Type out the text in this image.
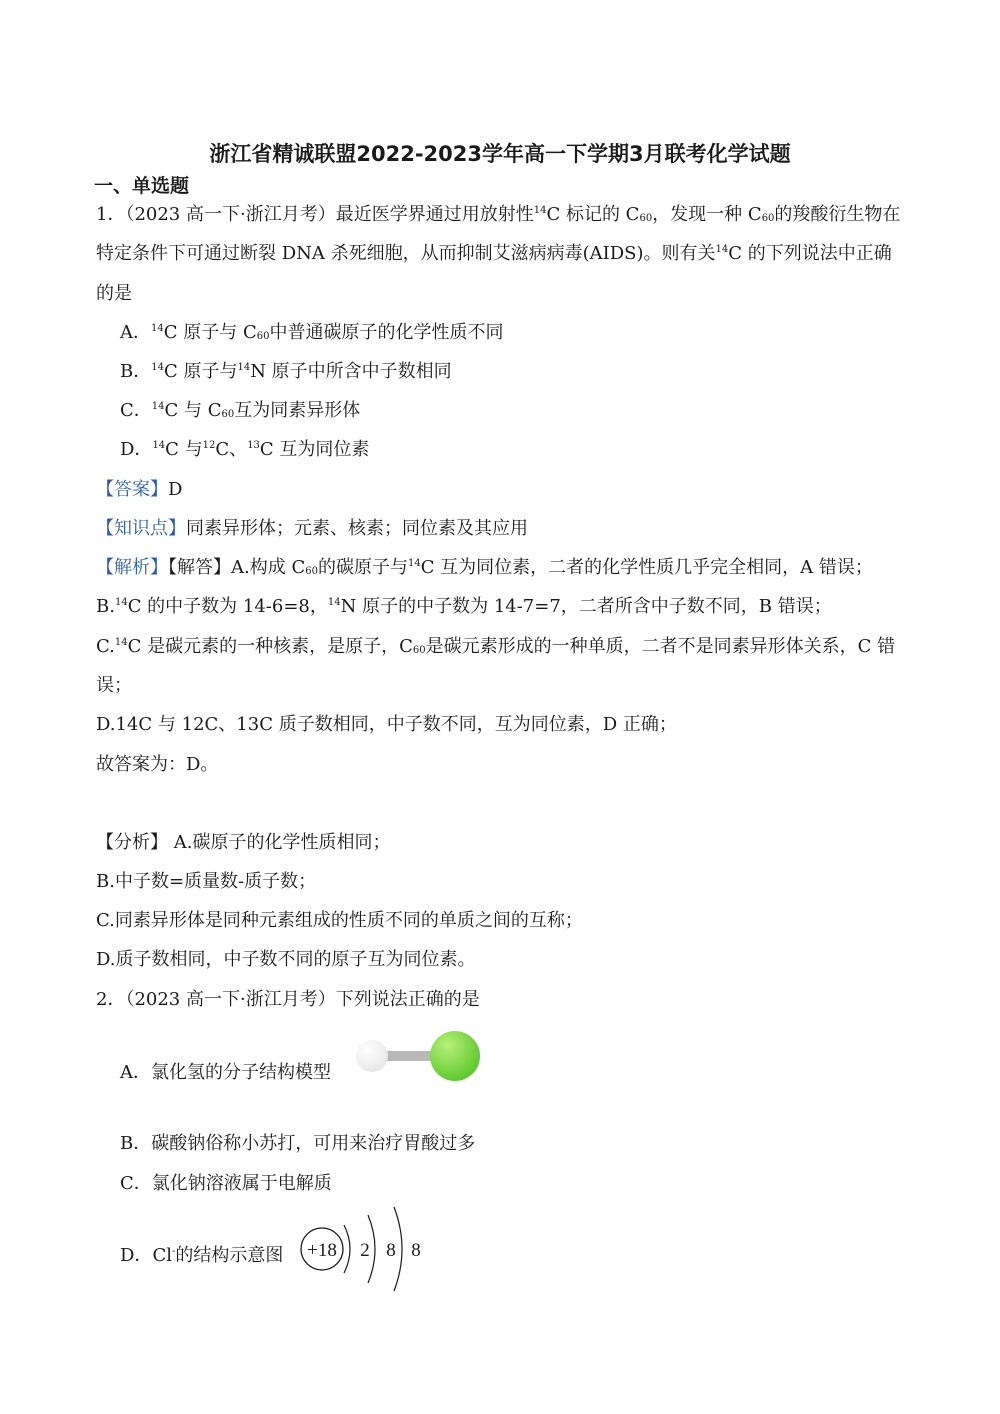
浙江省精诚联盟2022-2023学年高一下学期3月联考化学试题
一、单选题
1．（2023 高一下·浙江月考）最近医学界通过用放射性$^{14}$C 标记的 $C_{60}$，发现一种 $C_{60}$的羧酸衍生物在
特定条件下可通过断裂 DNA 杀死细胞，从而抑制艾滋病病毒(AIDS)。则有关$^{14}$C 的下列说法中正确
的是
A．$^{14}$C 原子与 $C_{60}$中普通碳原子的化学性质不同
B．$^{14}$C 原子与$^{14}$N 原子中所含中子数相同
C．$^{14}$C 与 $C_{60}$互为同素异形体
D．$^{14}$C 与$^{12}$C、$^{13}$C 互为同位素
【答案】D
【知识点】同素异形体；元素、核素；同位素及其应用
【解析】【解答】A.构成 $C_{60}$的碳原子与$^{14}$C 互为同位素，二者的化学性质几乎完全相同，A 错误；
B.$^{14}$C 的中子数为 14-6=8，$^{14}$N 原子的中子数为 14-7=7，二者所含中子数不同，B 错误；
C.$^{14}$C 是碳元素的一种核素，是原子，$C_{60}$是碳元素形成的一种单质，二者不是同素异形体关系，C 错
误；
D.14C 与 12C、13C 质子数相同，中子数不同，互为同位素，D 正确；
故答案为：D。
【分析】 A.碳原子的化学性质相同；
B.中子数=质量数-质子数；
C.同素异形体是同种元素组成的性质不同的单质之间的互称；
D.质子数相同，中子数不同的原子互为同位素。
2．（2023 高一下·浙江月考）下列说法正确的是
A．氯化氢的分子结构模型
B．碳酸钠俗称小苏打，可用来治疗胃酸过多
C．氯化钠溶液属于电解质
D．Cl-的结构示意图 +18 2 8 8
